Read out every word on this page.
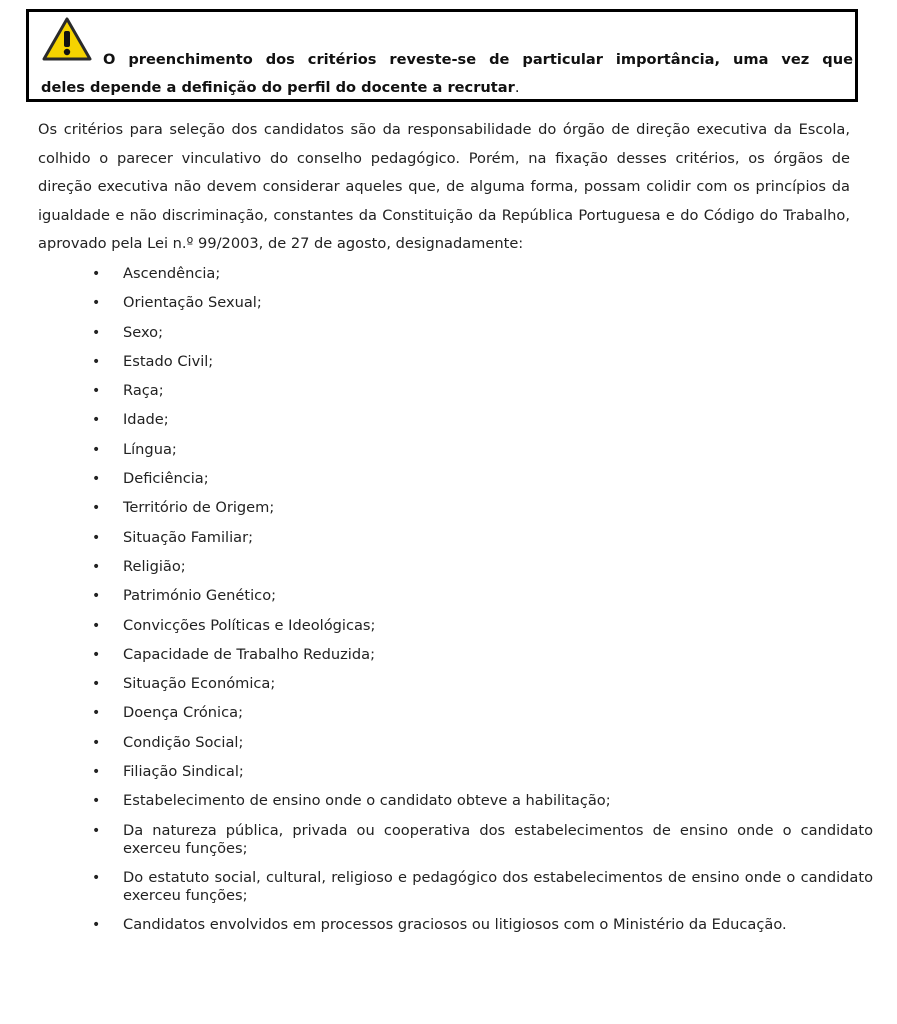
O preenchimento dos critérios reveste-se de particular importância, uma vez que
deles depende a definição do perfil do docente a recrutar.

Os critérios para seleção dos candidatos são da responsabilidade do órgão de direção executiva da Escola, colhido o parecer vinculativo do conselho pedagógico. Porém, na fixação desses critérios, os órgãos de direção executiva não devem considerar aqueles que, de alguma forma, possam colidir com os princípios da igualdade e não discriminação, constantes da Constituição da República Portuguesa e do Código do Trabalho, aprovado pela Lei n.º 99/2003, de 27 de agosto, designadamente:

• Ascendência;
• Orientação Sexual;
• Sexo;
• Estado Civil;
• Raça;
• Idade;
• Língua;
• Deficiência;
• Território de Origem;
• Situação Familiar;
• Religião;
• Património Genético;
• Convicções Políticas e Ideológicas;
• Capacidade de Trabalho Reduzida;
• Situação Económica;
• Doença Crónica;
• Condição Social;
• Filiação Sindical;
• Estabelecimento de ensino onde o candidato obteve a habilitação;
• Da natureza pública, privada ou cooperativa dos estabelecimentos de ensino onde o candidato exerceu funções;
• Do estatuto social, cultural, religioso e pedagógico dos estabelecimentos de ensino onde o candidato exerceu funções;
• Candidatos envolvidos em processos graciosos ou litigiosos com o Ministério da Educação.
